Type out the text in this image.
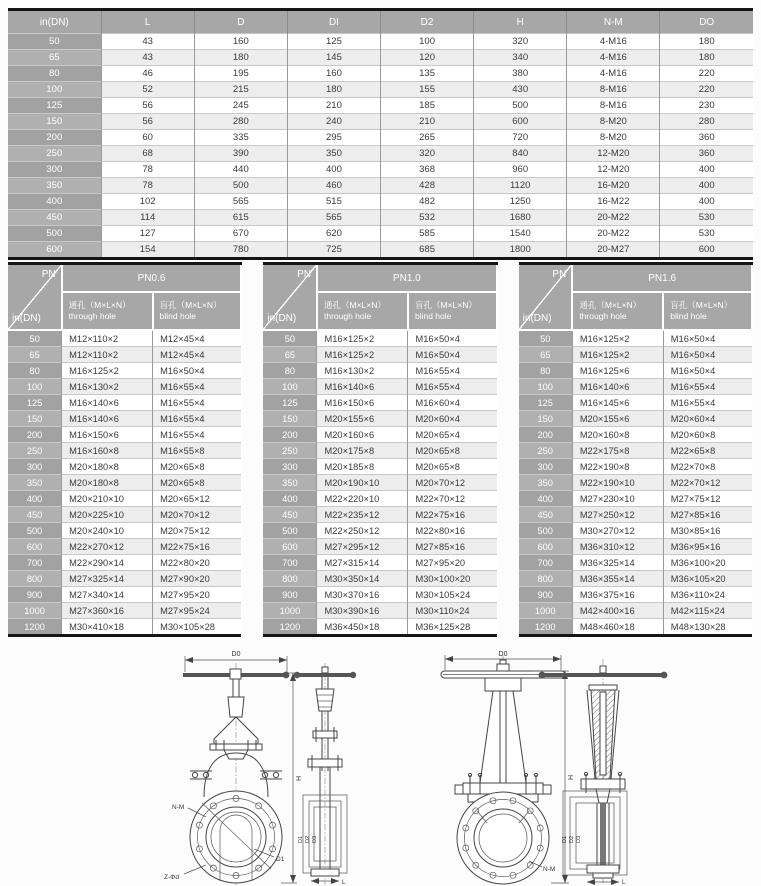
in(DN)	L	D	DI	D2	H	N-M	DO
50	43	160	125	100	320	4-M16	180
65	43	180	145	120	340	4-M16	180
80	46	195	160	135	380	4-M16	220
100	52	215	180	155	430	8-M16	220
125	56	245	210	185	500	8-M16	230
150	56	280	240	210	600	8-M20	280
200	60	335	295	265	720	8-M20	360
250	68	390	350	320	840	12-M20	360
300	78	440	400	368	960	12-M20	400
350	78	500	460	428	1120	16-M20	400
400	102	565	515	482	1250	16-M22	400
450	114	615	565	532	1680	20-M22	530
500	127	670	620	585	1540	20-M22	530
600	154	780	725	685	1800	20-M27	600
PN
in(DN)	PN0.6	

通孔（M×L×N）
through hole

盲孔（M×L×N）
blind hole

50	M12×110×2	M12×45×4
65	M12×110×2	M12×45×4
80	M16×125×2	M16×50×4
100	M16×130×2	M16×55×4
125	M16×140×6	M16×55×4
150	M16×140×6	M16×55×4
200	M16×150×6	M16×55×4
250	M16×160×8	M16×55×8
300	M20×180×8	M20×65×8
350	M20×180×8	M20×65×8
400	M20×210×10	M20×65×12
450	M20×225×10	M20×70×12
500	M20×240×10	M20×75×12
600	M22×270×12	M22×75×16
700	M22×290×14	M22×80×20
800	M27×325×14	M27×90×20
900	M27×340×14	M27×95×20
1000	M27×360×16	M27×95×24
1200	M30×410×18	M30×105×28
PN
in(DN)	PN1.0	

通孔（M×L×N）
through hole

盲孔（M×L×N）
blind hole

50	M16×125×2	M16×50×4
65	M16×125×2	M16×50×4
80	M16×130×2	M16×55×4
100	M16×140×6	M16×55×4
125	M16×150×6	M16×60×4
150	M20×155×6	M20×60×4
200	M20×160×6	M20×65×4
250	M20×175×8	M20×65×8
300	M20×185×8	M20×65×8
350	M20×190×10	M20×70×12
400	M22×220×10	M22×70×12
450	M22×235×12	M22×75×16
500	M22×250×12	M22×80×16
600	M27×295×12	M27×85×16
700	M27×315×14	M27×95×20
800	M30×350×14	M30×100×20
900	M30×370×16	M30×105×24
1000	M30×390×16	M30×110×24
1200	M36×450×18	M36×125×28
PN
in(DN)	PN1.6	

通孔（M×L×N）
through hole

盲孔（M×L×N）
blind hole

50	M16×125×2	M16×50×4
65	M16×125×2	M16×50×4
80	M16×125×6	M16×50×4
100	M16×140×6	M16×55×4
125	M16×145×6	M16×55×4
150	M20×155×6	M20×60×4
200	M20×160×8	M20×60×8
250	M22×175×8	M22×65×8
300	M22×190×8	M22×70×8
350	M22×190×10	M22×70×12
400	M27×230×10	M27×75×12
450	M27×250×12	M27×85×16
500	M30×270×12	M30×85×16
600	M36×310×12	M36×95×16
700	M36×325×14	M36×100×20
800	M36×355×14	M36×105×20
900	M36×375×16	M36×110×24
1000	M42×400×16	M42×115×24
1200	M48×460×18	M48×130×28
D0
N-M
Z-Φd
D1
H
D1 D2 D3
L
D0
N-M
H
D1 D2 D3
L
